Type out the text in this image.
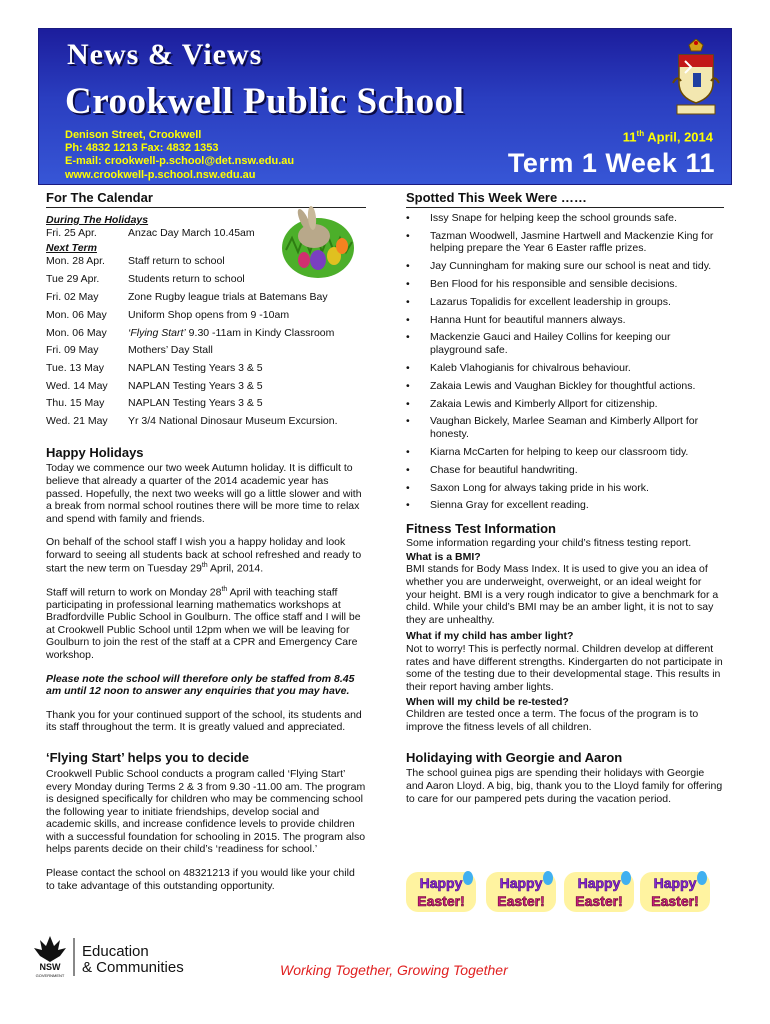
News & Views
Crookwell Public School
Denison Street, Crookwell
Ph: 4832 1213 Fax: 4832 1353
E-mail: crookwell-p.school@det.nsw.edu.au
www.crookwell-p.school.nsw.edu.au
11th April, 2014
Term 1 Week 11
For The Calendar
During The Holidays
Fri. 25 Apr.	Anzac Day March 10.45am
Next Term
Mon. 28 Apr.	Staff return to school
Tue 29 Apr.	Students return to school
Fri. 02 May	Zone Rugby league trials at Batemans Bay
Mon. 06 May	Uniform Shop opens from 9 -10am
Mon. 06 May	‘Flying Start’ 9.30 -11am in Kindy Classroom
Fri. 09 May	Mothers’ Day Stall
Tue. 13 May	NAPLAN Testing Years 3 & 5
Wed. 14 May	NAPLAN Testing Years 3 & 5
Thu. 15 May	NAPLAN Testing Years 3 & 5
Wed. 21 May	Yr 3/4 National Dinosaur Museum Excursion.
Happy Holidays

Today we commence our two week Autumn holiday. It is difficult to believe that already a quarter of the 2014 academic year has passed. Hopefully, the next two weeks will go a little slower and with a break from normal school routines there will be more time to relax and spend with family and friends.

On behalf of the school staff I wish you a happy holiday and look forward to seeing all students back at school refreshed and ready to start the new term on Tuesday 29th April, 2014.

Staff will return to work on Monday 28th April with teaching staff participating in professional learning mathematics workshops at Bradfordville Public School in Goulburn. The office staff and I will be at Crookwell Public School until 12pm when we will be leaving for Goulburn to join the rest of the staff at a CPR and Emergency Care workshop.

Please note the school will therefore only be staffed from 8.45 am until 12 noon to answer any enquiries that you may have.

Thank you for your continued support of the school, its students and its staff throughout the term. It is greatly valued and appreciated.

‘Flying Start’ helps you to decide

Crookwell Public School conducts a program called ‘Flying Start’ every Monday during Terms 2 & 3 from 9.30 -11.00 am. The program is designed specifically for children who may be commencing school the following year to initiate friendships, develop social and academic skills, and increase confidence levels to provide children with a successful foundation for schooling in 2015. The program also helps parents decide on their child’s ‘readiness for school.’

Please contact the school on 48321213 if you would like your child to take advantage of this outstanding opportunity.

Spotted This Week Were ……
• Issy Snape for helping keep the school grounds safe.
• Tazman Woodwell, Jasmine Hartwell and Mackenzie King for helping prepare the Year 6 Easter raffle prizes.
• Jay Cunningham for making sure our school is neat and tidy.
• Ben Flood for his responsible and sensible decisions.
• Lazarus Topalidis for excellent leadership in groups.
• Hanna Hunt for beautiful manners always.
• Mackenzie Gauci and Hailey Collins for keeping our playground safe.
• Kaleb Vlahogianis for chivalrous behaviour.
• Zakaia Lewis and Vaughan Bickley for thoughtful actions.
• Zakaia Lewis and Kimberly Allport for citizenship.
• Vaughan Bickely, Marlee Seaman and Kimberly Allport for honesty.
• Kiarna McCarten for helping to keep our classroom tidy.
• Chase for beautiful handwriting.
• Saxon Long for always taking pride in his work.
• Sienna Gray for excellent reading.
Fitness Test Information
Some information regarding your child’s fitness testing report.
What is a BMI?
BMI stands for Body Mass Index. It is used to give you an idea of whether you are underweight, overweight, or an ideal weight for your height. BMI is a very rough indicator to give a benchmark for a child. While your child’s BMI may be an amber light, it is not to say they are unhealthy.
What if my child has amber light?
Not to worry! This is perfectly normal. Children develop at different rates and have different strengths. Kindergarten do not participate in some of the testing due to their developmental stage. This results in their report having amber lights.
When will my child be re-tested?
Children are tested once a term. The focus of the program is to improve the fitness levels of all children.
Holidaying with Georgie and Aaron
The school guinea pigs are spending their holidays with Georgie and Aaron Lloyd. A big, big, thank you to the Lloyd family for offering to care for our pampered pets during the vacation period.
Happy
Easter!
Happy
Easter!
Happy
Easter!
Happy
Easter!
NSW
GOVERNMENT
Education
& Communities	Working Together, Growing Together
